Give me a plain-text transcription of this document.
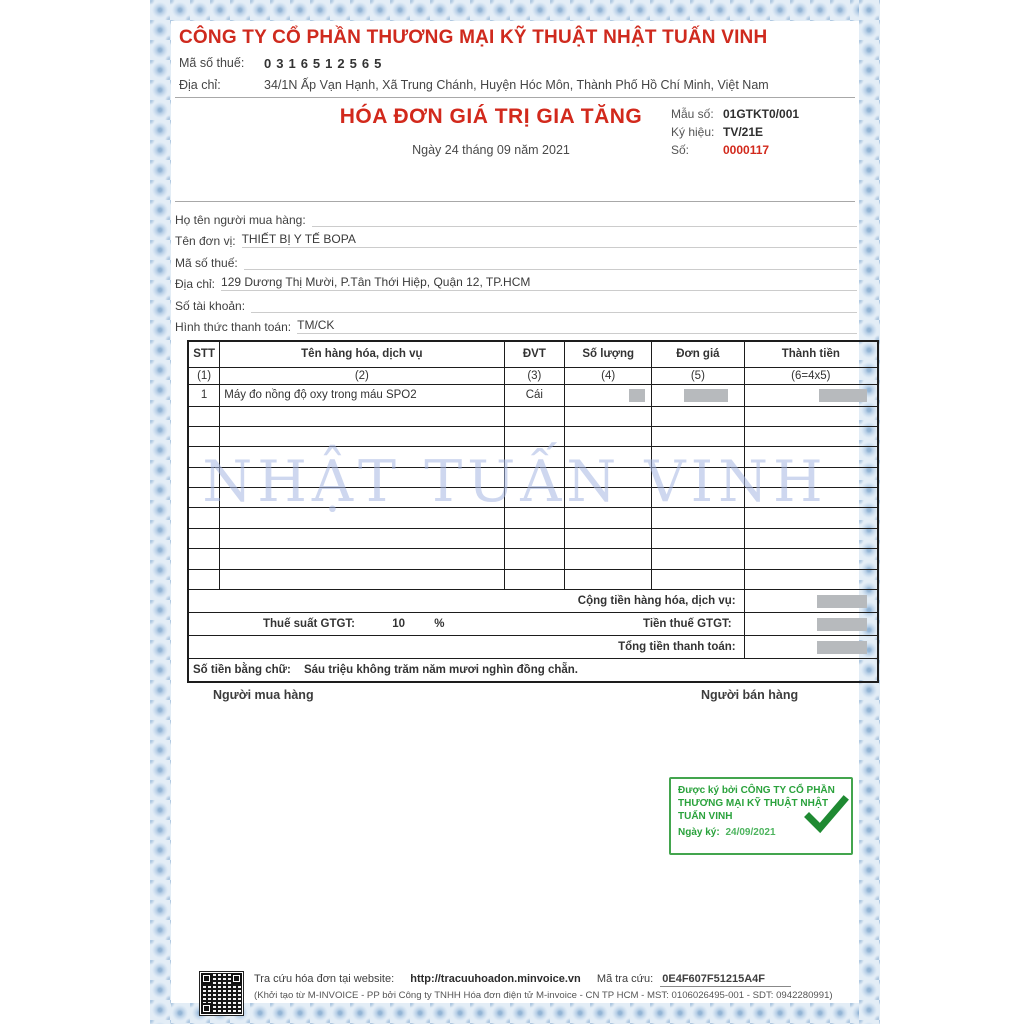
CÔNG TY CỔ PHẦN THƯƠNG MẠI KỸ THUẬT NHẬT TUẤN VINH
Mã số thuế:	0316512565
Địa chỉ:	34/1N Ấp Vạn Hạnh, Xã Trung Chánh, Huyện Hóc Môn, Thành Phố Hồ Chí Minh, Việt Nam
HÓA ĐƠN GIÁ TRỊ GIA TĂNG
Ngày 24 tháng 09 năm 2021
Mẫu số: 01GTKT0/001
Ký hiệu: TV/21E
Số:	0000117
Họ tên người mua hàng:
Tên đơn vị: THIẾT BỊ Y TẾ BOPA
Mã số thuế:
Địa chỉ: 129 Dương Thị Mười, P.Tân Thới Hiệp, Quận 12, TP.HCM
Số tài khoản:
Hình thức thanh toán: TM/CK
STT	Tên hàng hóa, dịch vụ	ĐVT	Số lượng	Đơn giá	Thành tiền
(1)	(2)	(3)	(4)	(5)	(6=4x5)
1	Máy đo nồng độ oxy trong máu SPO2	Cái			

Cộng tiền hàng hóa, dịch vụ:					

Thuế suất GTGT: 10 % Tiền thuế GTGT:					

Tổng tiền thanh toán:					
Số tiền bằng chữ: Sáu triệu không trăm năm mươi nghìn đồng chẵn.					
NHẬT TUẤN VINH
Người mua hàng	Người bán hàng
Được ký bởi CÔNG TY CỔ PHẦN THƯƠNG MẠI KỸ THUẬT NHẬT TUẤN VINH
Ngày ký: 24/09/2021
Tra cứu hóa đơn tại website: http://tracuuhoadon.minvoice.vn Mã tra cứu: 0E4F607F51215A4F
(Khởi tạo từ M-INVOICE - PP bởi Công ty TNHH Hóa đơn điện tử M-invoice - CN TP HCM - MST: 0106026495-001 - SDT: 0942280991)
